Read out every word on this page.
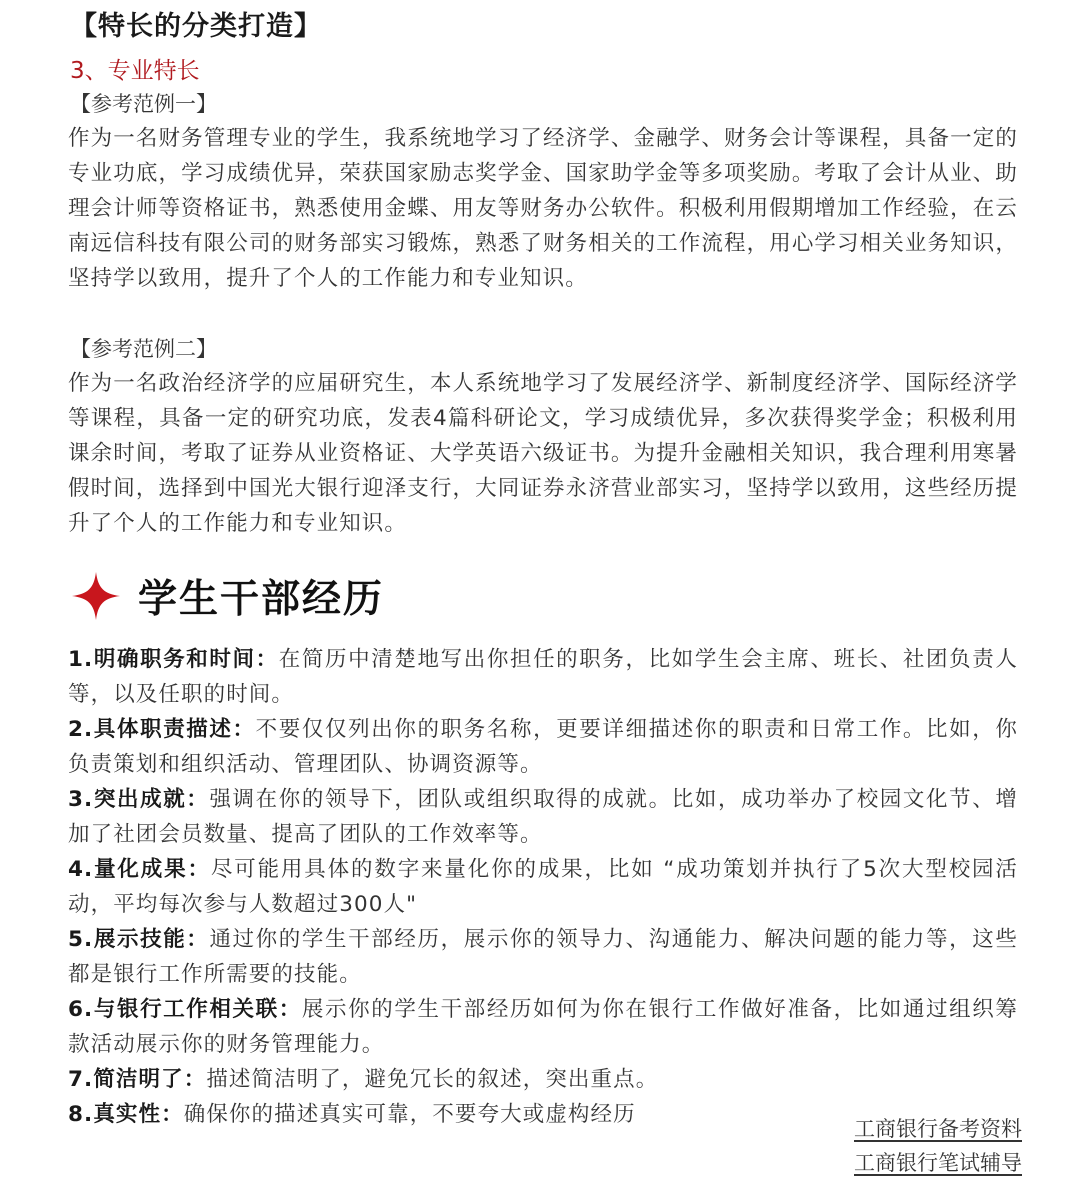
【特长的分类打造】
3、专业特长
【参考范例一】

作为一名财务管理专业的学生，我系统地学习了经济学、金融学、财务会计等课程，具备一定的专业功底，学习成绩优异，荣获国家励志奖学金、国家助学金等多项奖励。考取了会计从业、助理会计师等资格证书，熟悉使用金蝶、用友等财务办公软件。积极利用假期增加工作经验，在云南远信科技有限公司的财务部实习锻炼，熟悉了财务相关的工作流程，用心学习相关业务知识，坚持学以致用，提升了个人的工作能力和专业知识。

【参考范例二】

作为一名政治经济学的应届研究生，本人系统地学习了发展经济学、新制度经济学、国际经济学等课程，具备一定的研究功底，发表4篇科研论文，学习成绩优异，多次获得奖学金；积极利用课余时间，考取了证券从业资格证、大学英语六级证书。为提升金融相关知识，我合理利用寒暑假时间，选择到中国光大银行迎泽支行，大同证券永济营业部实习，坚持学以致用，这些经历提升了个人的工作能力和专业知识。

学生干部经历

1.明确职务和时间：在简历中清楚地写出你担任的职务，比如学生会主席、班长、社团负责人等，以及任职的时间。

2.具体职责描述：不要仅仅列出你的职务名称，更要详细描述你的职责和日常工作。比如，你负责策划和组织活动、管理团队、协调资源等。

3.突出成就：强调在你的领导下，团队或组织取得的成就。比如，成功举办了校园文化节、增加了社团会员数量、提高了团队的工作效率等。

4.量化成果：尽可能用具体的数字来量化你的成果，比如 “成功策划并执行了5次大型校园活动，平均每次参与人数超过300人"

5.展示技能：通过你的学生干部经历，展示你的领导力、沟通能力、解决问题的能力等，这些都是银行工作所需要的技能。

6.与银行工作相关联：展示你的学生干部经历如何为你在银行工作做好准备，比如通过组织筹款活动展示你的财务管理能力。

7.简洁明了：描述简洁明了，避免冗长的叙述，突出重点。

8.真实性：确保你的描述真实可靠，不要夸大或虚构经历

工商银行备考资料
工商银行笔试辅导
